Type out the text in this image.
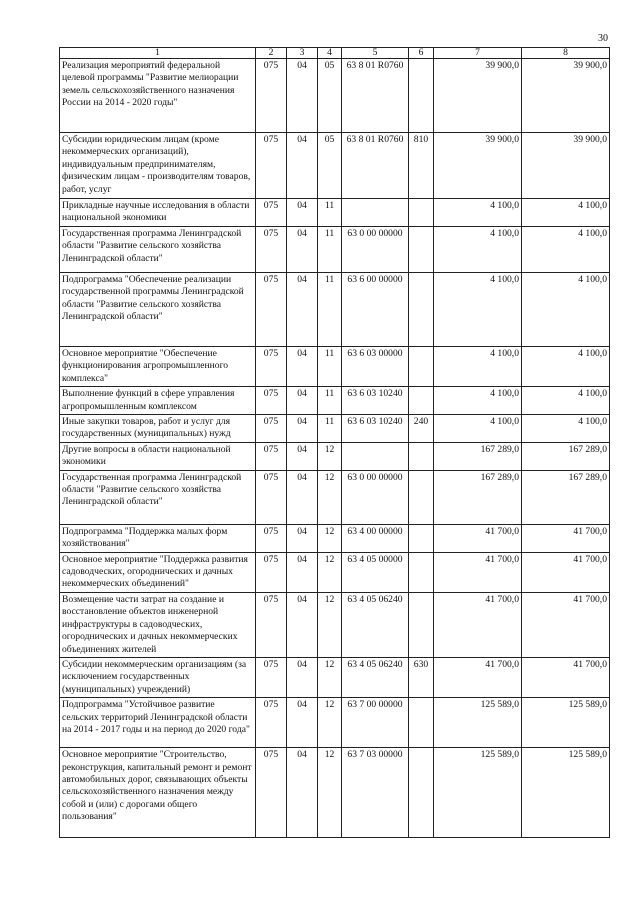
30
1	2	3	4	5	6	7	8
Реализация мероприятий федеральной целевой программы "Развитие мелиорации земель сельскохозяйственного назначения России на 2014 - 2020 годы"	075	04	05	63 8 01 R0760		39 900,0	39 900,0
Субсидии юридическим лицам (кроме некоммерческих организаций), индивидуальным предпринимателям, физическим лицам - производителям товаров, работ, услуг	075	04	05	63 8 01 R0760	810	39 900,0	39 900,0
Прикладные научные исследования в области национальной экономики	075	04	11			4 100,0	4 100,0
Государственная программа Ленинградской области "Развитие сельского хозяйства Ленинградской области"	075	04	11	63 0 00 00000		4 100,0	4 100,0
Подпрограмма "Обеспечение реализации государственной программы Ленинградской области "Развитие сельского хозяйства Ленинградской области"	075	04	11	63 6 00 00000		4 100,0	4 100,0
Основное мероприятие "Обеспечение функционирования агропромышленного комплекса"	075	04	11	63 6 03 00000		4 100,0	4 100,0
Выполнение функций в сфере управления агропромышленным комплексом	075	04	11	63 6 03 10240		4 100,0	4 100,0
Иные закупки товаров, работ и услуг для государственных (муниципальных) нужд	075	04	11	63 6 03 10240	240	4 100,0	4 100,0
Другие вопросы в области национальной экономики	075	04	12			167 289,0	167 289,0
Государственная программа Ленинградской области "Развитие сельского хозяйства Ленинградской области"	075	04	12	63 0 00 00000		167 289,0	167 289,0
Подпрограмма "Поддержка малых форм хозяйствования"	075	04	12	63 4 00 00000		41 700,0	41 700,0
Основное мероприятие "Поддержка развития садоводческих, огороднических и дачных некоммерческих объединений"	075	04	12	63 4 05 00000		41 700,0	41 700,0
Возмещение части затрат на создание и восстановление объектов инженерной инфраструктуры в садоводческих, огороднических и дачных некоммерческих объединениях жителей	075	04	12	63 4 05 06240		41 700,0	41 700,0
Субсидии некоммерческим организациям (за исключением государственных (муниципальных) учреждений)	075	04	12	63 4 05 06240	630	41 700,0	41 700,0
Подпрограмма "Устойчивое развитие сельских территорий Ленинградской области на 2014 - 2017 годы и на период до 2020 года"	075	04	12	63 7 00 00000		125 589,0	125 589,0
Основное мероприятие "Строительство, реконструкция, капитальный ремонт и ремонт автомобильных дорог, связывающих объекты сельскохозяйственного назначения между собой и (или) с дорогами общего пользования"	075	04	12	63 7 03 00000		125 589,0	125 589,0
